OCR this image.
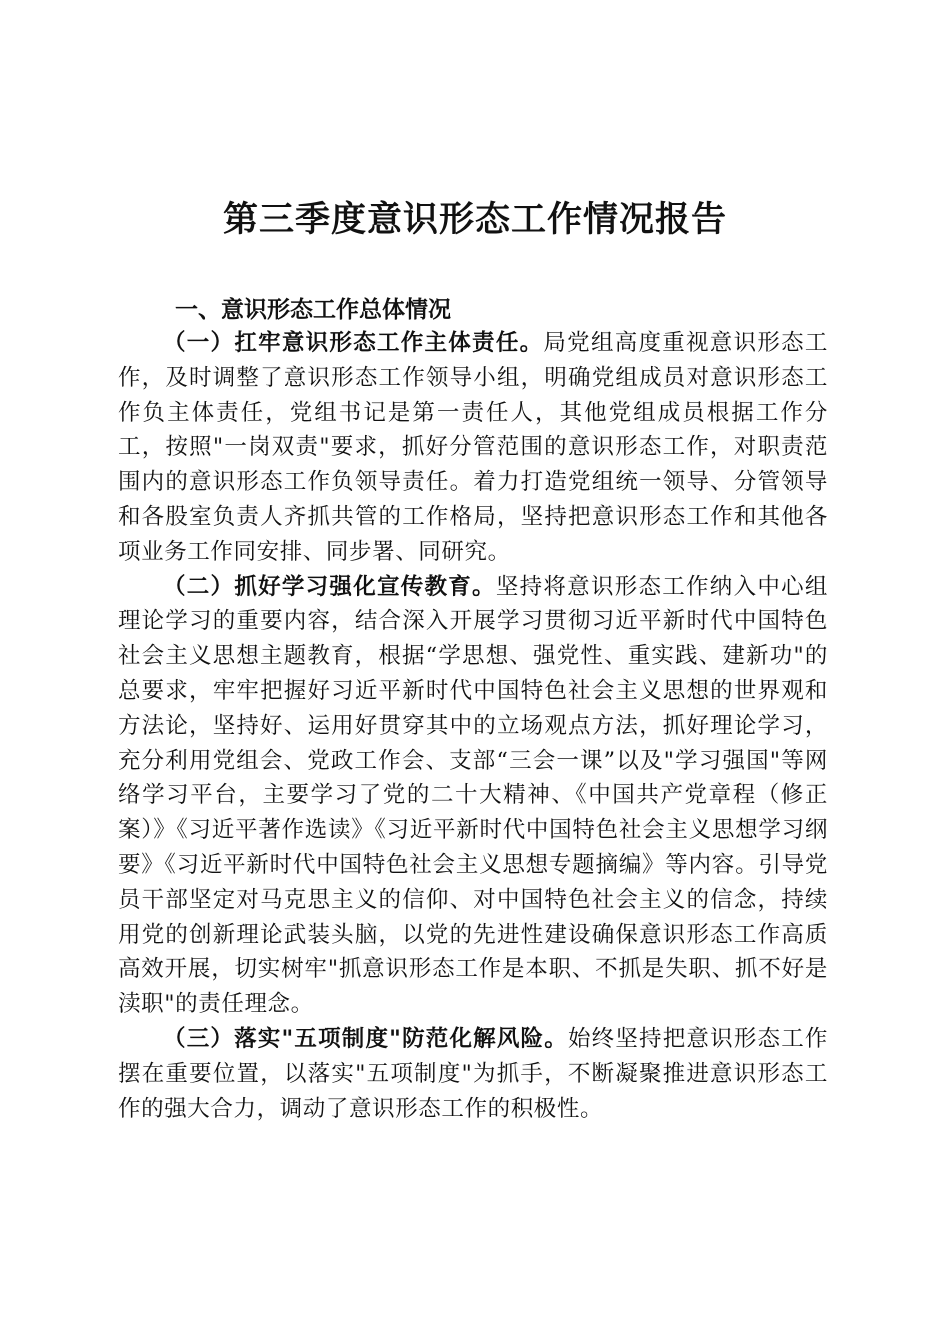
第三季度意识形态工作情况报告
一、意识形态工作总体情况

（一）扛牢意识形态工作主体责任。局党组高度重视意识形态工作，及时调整了意识形态工作领导小组，明确党组成员对意识形态工作负主体责任，党组书记是第一责任人，其他党组成员根据工作分工，按照"一岗双责"要求，抓好分管范围的意识形态工作，对职责范围内的意识形态工作负领导责任。着力打造党组统一领导、分管领导和各股室负责人齐抓共管的工作格局，坚持把意识形态工作和其他各项业务工作同安排、同步署、同研究。

（二）抓好学习强化宣传教育。坚持将意识形态工作纳入中心组理论学习的重要内容，结合深入开展学习贯彻习近平新时代中国特色社会主义思想主题教育，根据“学思想、强党性、重实践、建新功"的总要求，牢牢把握好习近平新时代中国特色社会主义思想的世界观和方法论，坚持好、运用好贯穿其中的立场观点方法，抓好理论学习，充分利用党组会、党政工作会、支部“三会一课”以及"学习强国"等网络学习平台，主要学习了党的二十大精神、《中国共产党章程（修正案）》《习近平著作选读》《习近平新时代中国特色社会主义思想学习纲要》《习近平新时代中国特色社会主义思想专题摘编》等内容。引导党员干部坚定对马克思主义的信仰、对中国特色社会主义的信念，持续用党的创新理论武装头脑，以党的先进性建设确保意识形态工作高质高效开展，切实树牢"抓意识形态工作是本职、不抓是失职、抓不好是渎职"的责任理念。

（三）落实"五项制度"防范化解风险。始终坚持把意识形态工作摆在重要位置，以落实"五项制度"为抓手，不断凝聚推进意识形态工作的强大合力，调动了意识形态工作的积极性。
